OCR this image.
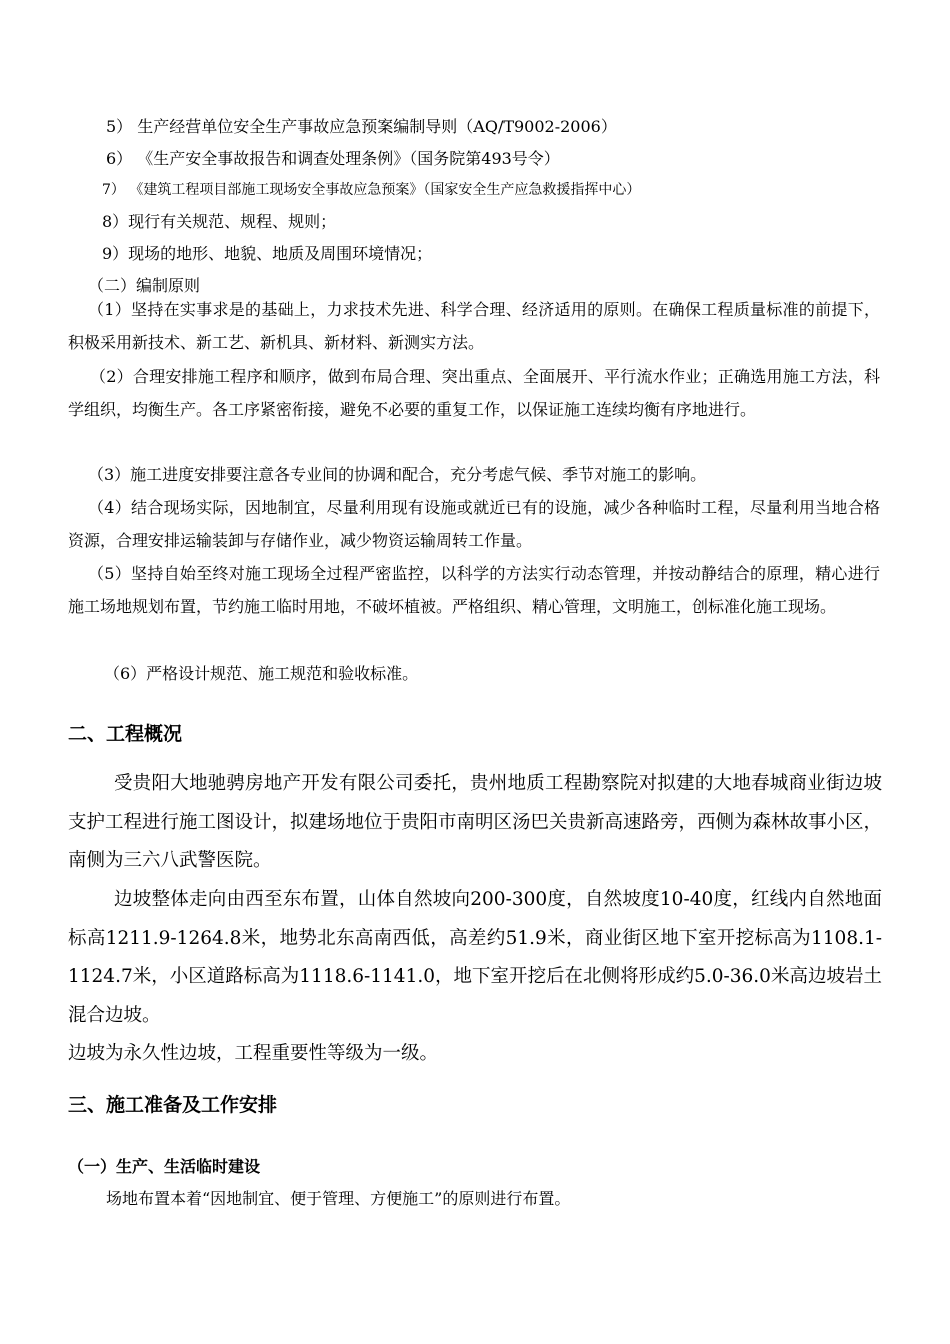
5） 生产经营单位安全生产事故应急预案编制导则（AQ/T9002-2006）
6） 《生产安全事故报告和调查处理条例》（国务院第493号令）
7） 《建筑工程项目部施工现场安全事故应急预案》（国家安全生产应急救援指挥中心）
8）现行有关规范、规程、规则；
9）现场的地形、地貌、地质及周围环境情况；
（二）编制原则

（1）坚持在实事求是的基础上，力求技术先进、科学合理、经济适用的原则。在确保工程质量标准的前提下，积极采用新技术、新工艺、新机具、新材料、新测实方法。

（2）合理安排施工程序和顺序，做到布局合理、突出重点、全面展开、平行流水作业；正确选用施工方法，科学组织，均衡生产。各工序紧密衔接，避免不必要的重复工作，以保证施工连续均衡有序地进行。

（3）施工进度安排要注意各专业间的协调和配合，充分考虑气候、季节对施工的影响。

（4）结合现场实际，因地制宜，尽量利用现有设施或就近已有的设施，减少各种临时工程，尽量利用当地合格资源，合理安排运输装卸与存储作业，减少物资运输周转工作量。

（5）坚持自始至终对施工现场全过程严密监控，以科学的方法实行动态管理，并按动静结合的原理，精心进行施工场地规划布置，节约施工临时用地，不破坏植被。严格组织、精心管理，文明施工，创标准化施工现场。

（6）严格设计规范、施工规范和验收标准。

二、工程概况

受贵阳大地驰骋房地产开发有限公司委托，贵州地质工程勘察院对拟建的大地春城商业街边坡支护工程进行施工图设计，拟建场地位于贵阳市南明区汤巴关贵新高速路旁，西侧为森林故事小区，南侧为三六八武警医院。

边坡整体走向由西至东布置，山体自然坡向200-300度，自然坡度10-40度，红线内自然地面标高1211.9-1264.8米，地势北东高南西低，高差约51.9米，商业街区地下室开挖标高为1108.1-1124.7米，小区道路标高为1118.6-1141.0，地下室开挖后在北侧将形成约5.0-36.0米高边坡岩土混合边坡。

边坡为永久性边坡，工程重要性等级为一级。

三、施工准备及工作安排
（一）生产、生活临时建设
场地布置本着“因地制宜、便于管理、方便施工”的原则进行布置。
